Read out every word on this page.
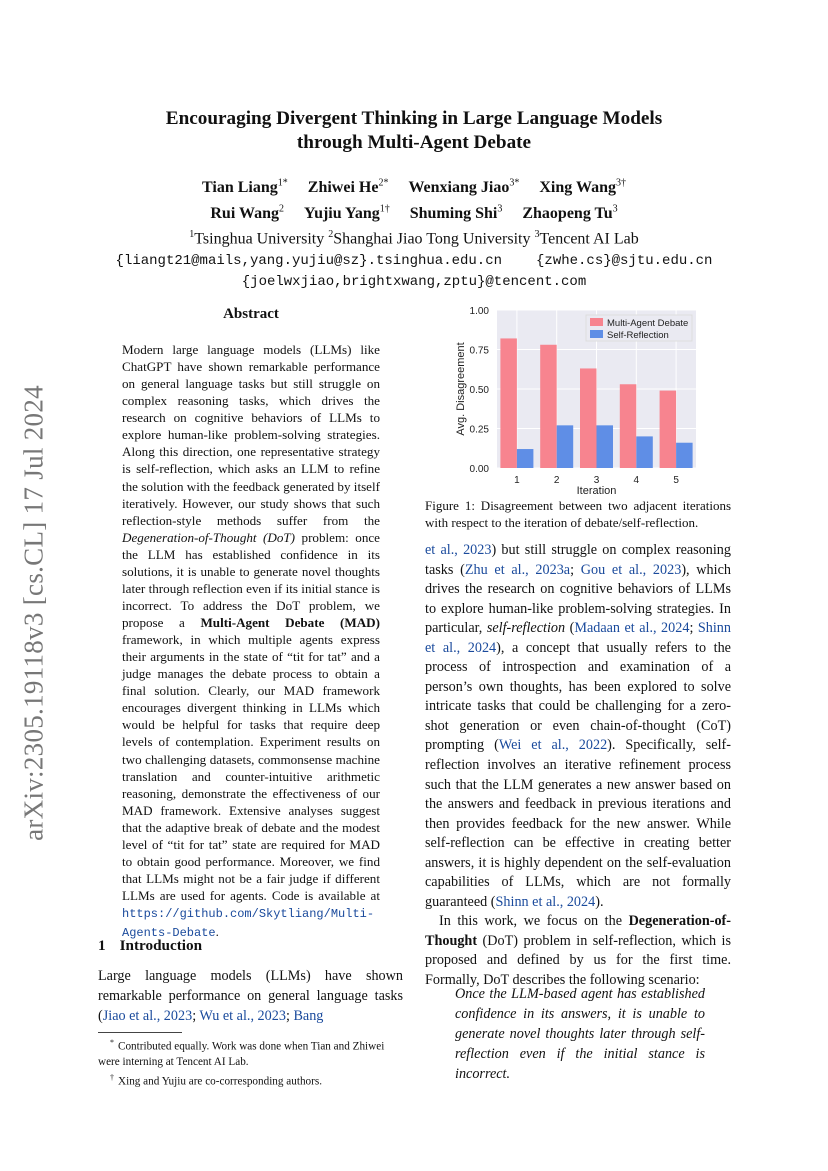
arXiv:2305.19118v3 [cs.CL] 17 Jul 2024
Encouraging Divergent Thinking in Large Language Models
through Multi-Agent Debate
Tian Liang$^{1*}$ Zhiwei $He^{2*}$ Wenxiang Jiao$^{3*}$ Xing Wang$^{3\dagger}$
Rui Wang$^2$ Yujiu Yang$^{1\dagger}$ Shuming Shi$^3$ Zhaopeng Tu$^3$
$^1$Tsinghua University $^2$Shanghai Jiao Tong University $^3$Tencent AI Lab
{liangt21@mails,yang.yujiu@sz}.tsinghua.edu.cn {zwhe.cs}@sjtu.edu.cn
{joelwxjiao,brightxwang,zptu}@tencent.com
Abstract
Modern large language models (LLMs) like ChatGPT have shown remarkable performance on general language tasks but still struggle on complex reasoning tasks, which drives the research on cognitive behaviors of LLMs to explore human-like problem-solving strategies. Along this direction, one representative strategy is self-reflection, which asks an LLM to refine the solution with the feedback generated by itself iteratively. However, our study shows that such reflection-style methods suffer from the Degeneration-of-Thought (DoT) problem: once the LLM has established confidence in its solutions, it is unable to generate novel thoughts later through reflection even if its initial stance is incorrect. To address the DoT problem, we propose a Multi-Agent Debate (MAD) framework, in which multiple agents express their arguments in the state of “tit for tat” and a judge manages the debate process to obtain a final solution. Clearly, our MAD framework encourages divergent thinking in LLMs which would be helpful for tasks that require deep levels of contemplation. Experiment results on two challenging datasets, commonsense machine translation and counter-intuitive arithmetic reasoning, demonstrate the effectiveness of our MAD framework. Extensive analyses suggest that the adaptive break of debate and the modest level of “tit for tat” state are required for MAD to obtain good performance. Moreover, we find that LLMs might not be a fair judge if different LLMs are used for agents. Code is available at https://github.com/Skytliang/Multi-Agents-Debate.
1 Introduction
Large language models (LLMs) have shown remarkable performance on general language tasks (Jiao et al., 2023; Wu et al., 2023; Bang
* Contributed equally. Work was done when Tian and Zhiwei were interning at Tencent AI Lab.
† Xing and Yujiu are co-corresponding authors.
0.00
0.25
0.50
0.75
1.00
1	2	3	4	5
Iteration
Avg. Disagreement
Multi-Agent Debate
Self-Reflection
Figure 1: Disagreement between two adjacent iterations with respect to the iteration of debate/self-reflection.

et al., 2023) but still struggle on complex reasoning tasks (Zhu et al., 2023a; Gou et al., 2023), which drives the research on cognitive behaviors of LLMs to explore human-like problem-solving strategies. In particular, self-reflection (Madaan et al., 2024; Shinn et al., 2024), a concept that usually refers to the process of introspection and examination of a person’s own thoughts, has been explored to solve intricate tasks that could be challenging for a zero-shot generation or even chain-of-thought (CoT) prompting (Wei et al., 2022). Specifically, self-reflection involves an iterative refinement process such that the LLM generates a new answer based on the answers and feedback in previous iterations and then provides feedback for the new answer. While self-reflection can be effective in creating better answers, it is highly dependent on the self-evaluation capabilities of LLMs, which are not formally guaranteed (Shinn et al., 2024).

In this work, we focus on the Degeneration-of-Thought (DoT) problem in self-reflection, which is proposed and defined by us for the first time. Formally, DoT describes the following scenario:

Once the LLM-based agent has established confidence in its answers, it is unable to generate novel thoughts later through self-reflection even if the initial stance is incorrect.
